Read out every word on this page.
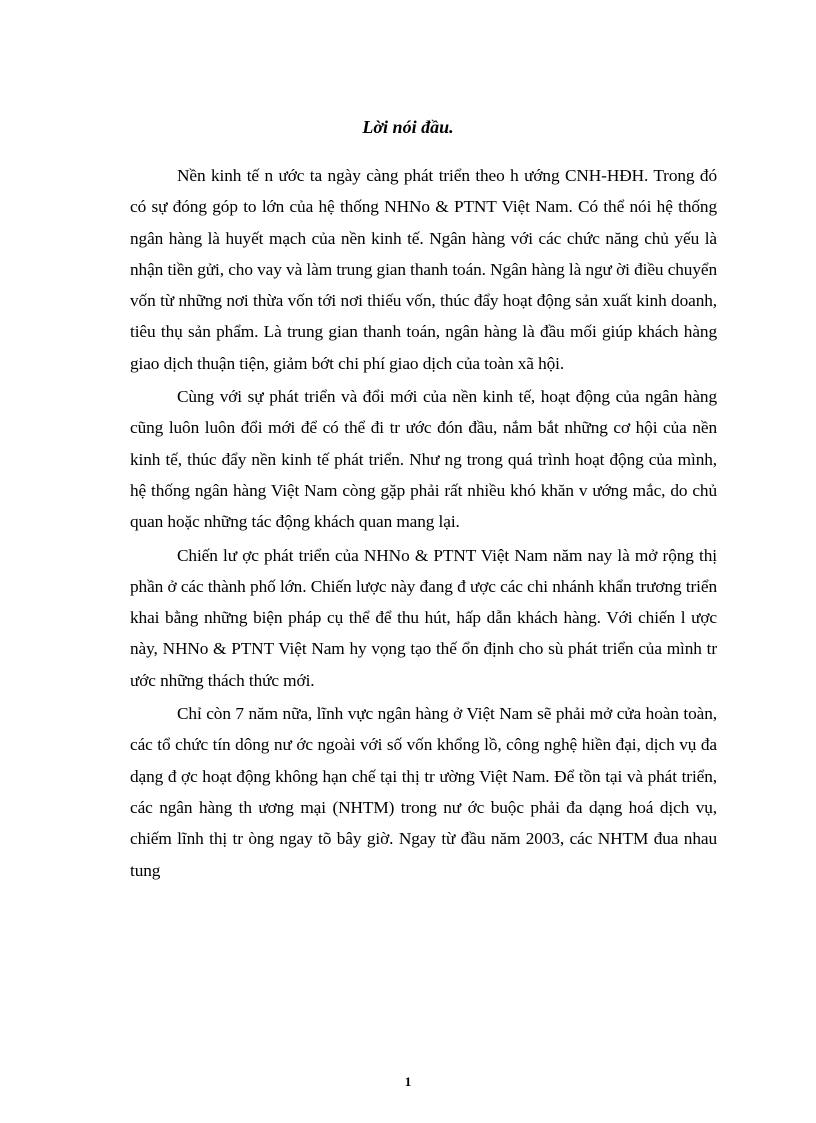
Lời nói đầu.

Nền kinh tế n ước ta ngày càng phát triển theo h ướng CNH-HĐH. Trong đó có sự đóng góp to lớn của hệ thống NHNo & PTNT Việt Nam. Có thể nói hệ thống ngân hàng là huyết mạch của nền kinh tế. Ngân hàng với các chức năng chủ yếu là nhận tiền gửi, cho vay và làm trung gian thanh toán. Ngân hàng là ngư ời điều chuyển vốn từ những nơi thừa vốn tới nơi thiếu vốn, thúc đẩy hoạt động sản xuất kinh doanh, tiêu thụ sản phẩm. Là trung gian thanh toán, ngân hàng là đầu mối giúp khách hàng giao dịch thuận tiện, giảm bớt chi phí giao dịch của toàn xã hội.

Cùng với sự phát triển và đổi mới của nền kinh tế, hoạt động của ngân hàng cũng luôn luôn đổi mới để có thể đi tr ước đón đầu, nắm bắt những cơ hội của nền kinh tế, thúc đẩy nền kinh tế phát triển. Như ng trong quá trình hoạt động của mình, hệ thống ngân hàng Việt Nam còng gặp phải rất nhiều khó khăn v ướng mắc, do chủ quan hoặc những tác động khách quan mang lại.

Chiến lư ợc phát triển của NHNo & PTNT Việt Nam năm nay là mở rộng thị phần ở các thành phố lớn. Chiến lược này đang đ ược các chi nhánh khẩn trương triển khai bằng những biện pháp cụ thể để thu hút, hấp dẫn khách hàng. Với chiến l ược này, NHNo & PTNT Việt Nam hy vọng tạo thế ổn định cho sù phát triển của mình tr ước những thách thức mới.

Chỉ còn 7 năm nữa, lĩnh vực ngân hàng ở Việt Nam sẽ phải mở cửa hoàn toàn, các tổ chức tín dông nư ớc ngoài với số vốn khổng lồ, công nghệ hiền đại, dịch vụ đa dạng đ ợc hoạt động không hạn chế tại thị tr ường Việt Nam. Để tồn tại và phát triển, các ngân hàng th ương mại (NHTM) trong nư ớc buộc phải đa dạng hoá dịch vụ, chiếm lĩnh thị tr òng ngay tõ bây giờ. Ngay từ đầu năm 2003, các NHTM đua nhau tung

1
